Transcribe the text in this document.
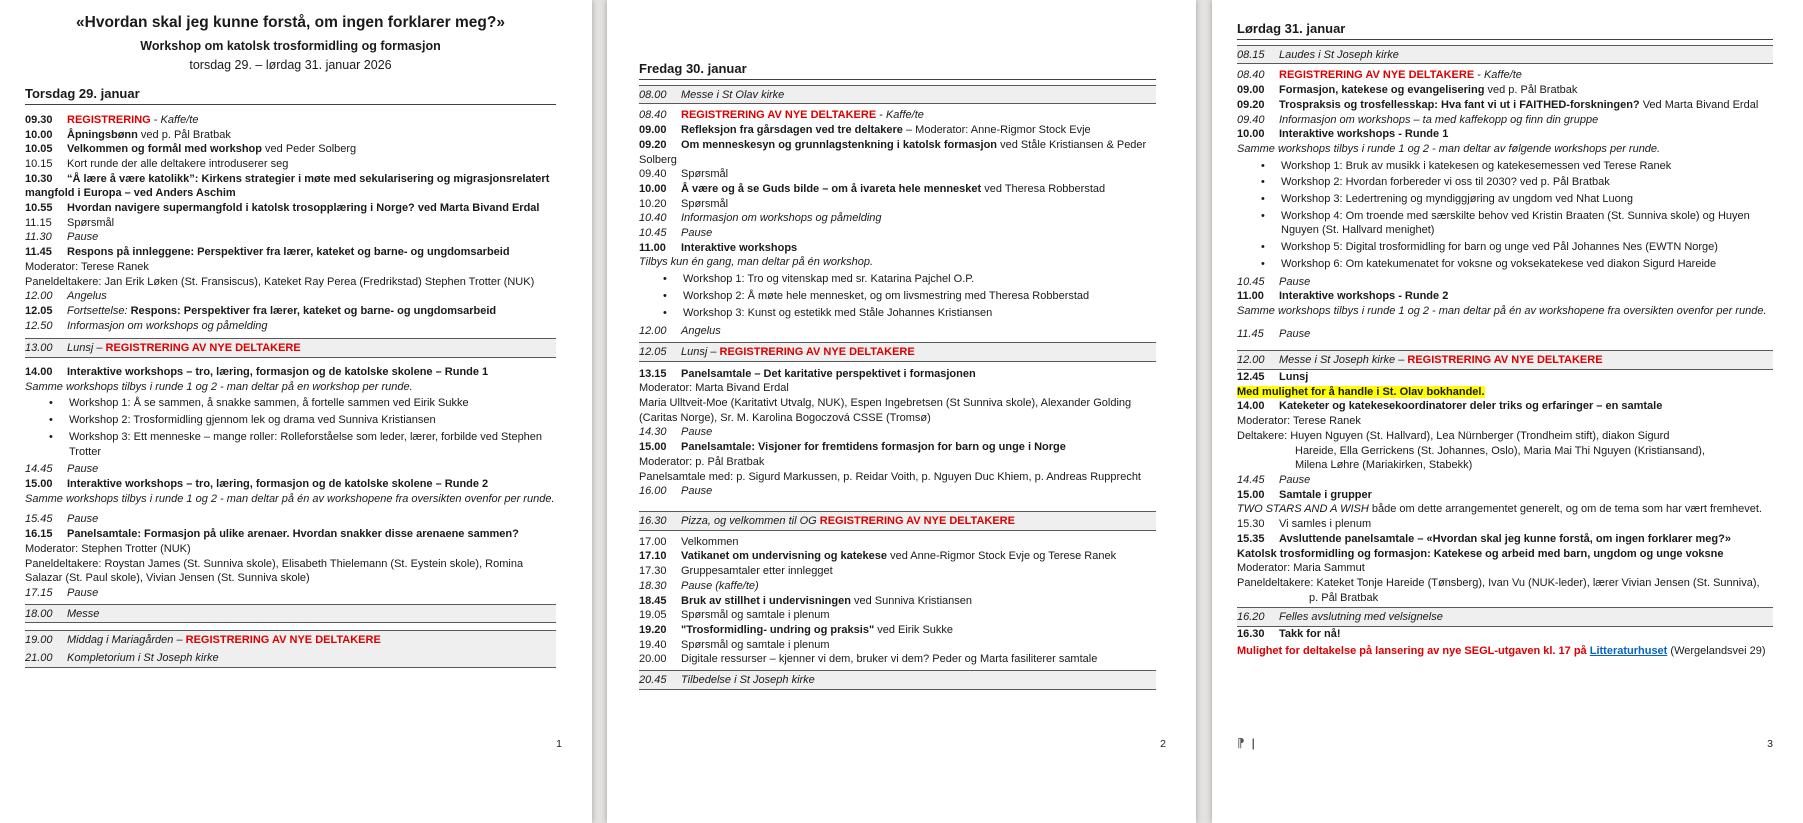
«Hvordan skal jeg kunne forstå, om ingen forklarer meg?»
Workshop om katolsk trosformidling og formasjon
torsdag 29. – lørdag 31. januar 2026
Torsdag 29. januar
09.30 REGISTRERING - Kaffe/te
10.00 Åpningsbønn ved p. Pål Bratbak
10.05 Velkommen og formål med workshop ved Peder Solberg
10.15 Kort runde der alle deltakere introduserer seg
10.30 “Å lære å være katolikk”: Kirkens strategier i møte med sekularisering og migrasjonsrelatert mangfold i Europa – ved Anders Aschim
10.55 Hvordan navigere supermangfold i katolsk trosopplæring i Norge? ved Marta Bivand Erdal
11.15 Spørsmål
11.30 Pause
11.45 Respons på innleggene: Perspektiver fra lærer, kateket og barne- og ungdomsarbeid
Moderator: Terese Ranek
Paneldeltakere: Jan Erik Løken (St. Fransiscus), Kateket Ray Perea (Fredrikstad) Stephen Trotter (NUK)
12.00 Angelus
12.05 Fortsettelse: Respons: Perspektiver fra lærer, kateket og barne- og ungdomsarbeid
12.50 Informasjon om workshops og påmelding
13.00 Lunsj – REGISTRERING AV NYE DELTAKERE
14.00 Interaktive workshops – tro, læring, formasjon og de katolske skolene – Runde 1
Samme workshops tilbys i runde 1 og 2 - man deltar på en workshop per runde.
• Workshop 1: Å se sammen, å snakke sammen, å fortelle sammen ved Eirik Sukke
• Workshop 2: Trosformidling gjennom lek og drama ved Sunniva Kristiansen
• Workshop 3: Ett menneske – mange roller: Rolleforståelse som leder, lærer, forbilde ved Stephen Trotter
14.45 Pause
15.00 Interaktive workshops – tro, læring, formasjon og de katolske skolene – Runde 2
Samme workshops tilbys i runde 1 og 2 - man deltar på én av workshopene fra oversikten ovenfor per runde.
15.45 Pause
16.15 Panelsamtale: Formasjon på ulike arenaer. Hvordan snakker disse arenaene sammen?
Moderator: Stephen Trotter (NUK)
Paneldeltakere: Roystan James (St. Sunniva skole), Elisabeth Thielemann (St. Eystein skole), Romina Salazar (St. Paul skole), Vivian Jensen (St. Sunniva skole)
17.15 Pause
18.00 Messe
19.00 Middag i Mariagården – REGISTRERING AV NYE DELTAKERE
21.00 Kompletorium i St Joseph kirke
1
Fredag 30. januar
08.00 Messe i St Olav kirke
08.40 REGISTRERING AV NYE DELTAKERE - Kaffe/te
09.00 Refleksjon fra gårsdagen ved tre deltakere – Moderator: Anne-Rigmor Stock Evje
09.20 Om menneskesyn og grunnlagstenkning i katolsk formasjon ved Ståle Kristiansen & Peder Solberg
09.40 Spørsmål
10.00 Å være og å se Guds bilde – om å ivareta hele mennesket ved Theresa Robberstad
10.20 Spørsmål
10.40 Informasjon om workshops og påmelding
10.45 Pause
11.00 Interaktive workshops
Tilbys kun én gang, man deltar på én workshop.
• Workshop 1: Tro og vitenskap med sr. Katarina Pajchel O.P.
• Workshop 2: Å møte hele mennesket, og om livsmestring med Theresa Robberstad
• Workshop 3: Kunst og estetikk med Ståle Johannes Kristiansen
12.00 Angelus
12.05 Lunsj – REGISTRERING AV NYE DELTAKERE
13.15 Panelsamtale – Det karitative perspektivet i formasjonen
Moderator: Marta Bivand Erdal
Maria Ulltveit-Moe (Karitativt Utvalg, NUK), Espen Ingebretsen (St Sunniva skole), Alexander Golding (Caritas Norge), Sr. M. Karolina Bogoczová CSSE (Tromsø)
14.30 Pause
15.00 Panelsamtale: Visjoner for fremtidens formasjon for barn og unge i Norge
Moderator: p. Pål Bratbak
Panelsamtale med: p. Sigurd Markussen, p. Reidar Voith, p. Nguyen Duc Khiem, p. Andreas Rupprecht
16.00 Pause
16.30 Pizza, og velkommen til OG REGISTRERING AV NYE DELTAKERE
17.00 Velkommen
17.10 Vatikanet om undervisning og katekese ved Anne-Rigmor Stock Evje og Terese Ranek
17.30 Gruppesamtaler etter innlegget
18.30 Pause (kaffe/te)
18.45 Bruk av stillhet i undervisningen ved Sunniva Kristiansen
19.05 Spørsmål og samtale i plenum
19.20 "Trosformidling- undring og praksis" ved Eirik Sukke
19.40 Spørsmål og samtale i plenum
20.00 Digitale ressurser – kjenner vi dem, bruker vi dem? Peder og Marta fasiliterer samtale
20.45 Tilbedelse i St Joseph kirke
2
Lørdag 31. januar
08.15 Laudes i St Joseph kirke
08.40 REGISTRERING AV NYE DELTAKERE - Kaffe/te
09.00 Formasjon, katekese og evangelisering ved p. Pål Bratbak
09.20 Trospraksis og trosfellesskap: Hva fant vi ut i FAITHED-forskningen? Ved Marta Bivand Erdal
09.40 Informasjon om workshops – ta med kaffekopp og finn din gruppe
10.00 Interaktive workshops - Runde 1
Samme workshops tilbys i runde 1 og 2 - man deltar av følgende workshops per runde.
• Workshop 1: Bruk av musikk i katekesen og katekesemessen ved Terese Ranek
• Workshop 2: Hvordan forbereder vi oss til 2030? ved p. Pål Bratbak
• Workshop 3: Ledertrening og myndiggjøring av ungdom ved Nhat Luong
• Workshop 4: Om troende med særskilte behov ved Kristin Braaten (St. Sunniva skole) og Huyen Nguyen (St. Hallvard menighet)
• Workshop 5: Digital trosformidling for barn og unge ved Pål Johannes Nes (EWTN Norge)
• Workshop 6: Om katekumenatet for voksne og voksekatekese ved diakon Sigurd Hareide
10.45 Pause
11.00 Interaktive workshops - Runde 2
Samme workshops tilbys i runde 1 og 2 - man deltar på én av workshopene fra oversikten ovenfor per runde.
11.45 Pause
12.00 Messe i St Joseph kirke – REGISTRERING AV NYE DELTAKERE
12.45 Lunsj
Med mulighet for å handle i St. Olav bokhandel.
14.00 Kateketer og katekesekoordinatorer deler triks og erfaringer – en samtale
Moderator: Terese Ranek
Deltakere: Huyen Nguyen (St. Hallvard), Lea Nürnberger (Trondheim stift), diakon Sigurd
Hareide, Ella Gerrickens (St. Johannes, Oslo), Maria Mai Thi Nguyen (Kristiansand),
Milena Løhre (Mariakirken, Stabekk)
14.45 Pause
15.00 Samtale i grupper
TWO STARS AND A WISH både om dette arrangementet generelt, og om de tema som har vært fremhevet.
15.30 Vi samles i plenum
15.35 Avsluttende panelsamtale – «Hvordan skal jeg kunne forstå, om ingen forklarer meg?» Katolsk trosformidling og formasjon: Katekese og arbeid med barn, ungdom og unge voksne
Moderator: Maria Sammut
Paneldeltakere: Kateket Tonje Hareide (Tønsberg), Ivan Vu (NUK-leder), lærer Vivian Jensen (St. Sunniva),
p. Pål Bratbak
16.20 Felles avslutning med velsignelse
16.30 Takk for nå!
Mulighet for deltakelse på lansering av nye SEGL-utgaven kl. 17 på Litteraturhuset (Wergelandsvei 29)
3
⁋ |
